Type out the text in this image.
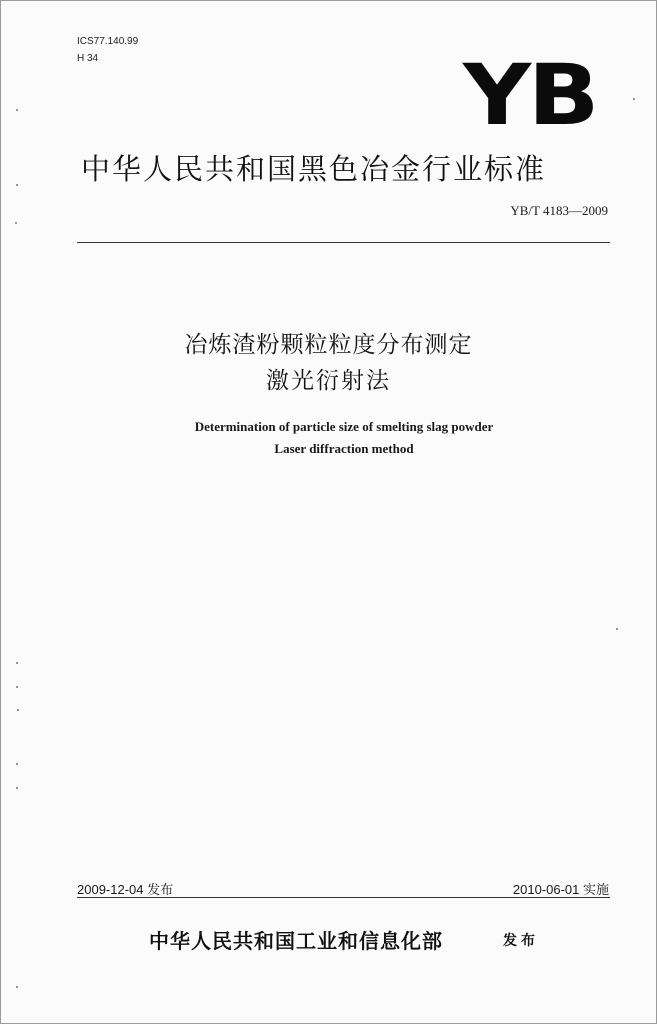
ICS77.140.99
H 34	YB
中华人民共和国黑色冶金行业标准
YB/T 4183—2009
冶炼渣粉颗粒粒度分布测定
激光衍射法
Determination of particle size of smelting slag powder
Laser diffraction method
2009-12-04 发布	2010-06-01 实施
中华人民共和国工业和信息化部	发布
